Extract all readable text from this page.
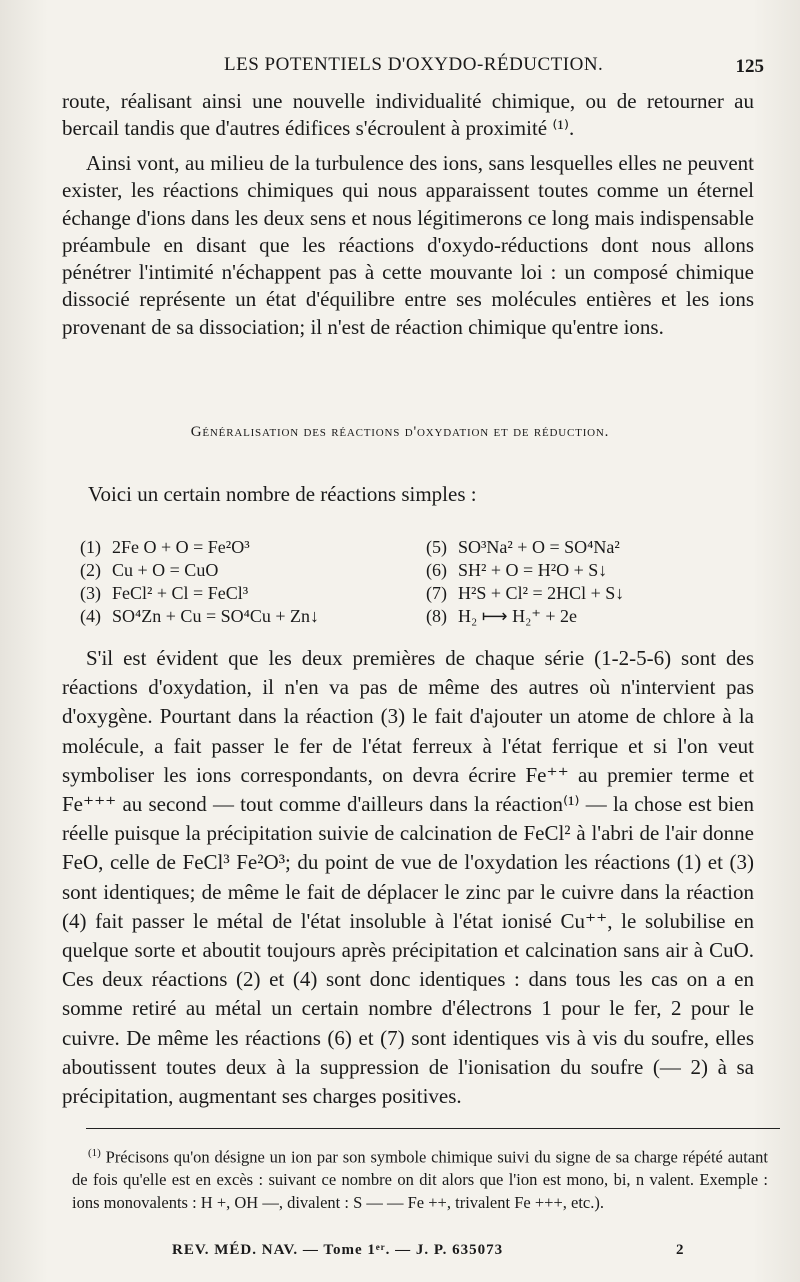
LES POTENTIELS D'OXYDO-RÉDUCTION.	125

route, réalisant ainsi une nouvelle individualité chimique, ou de retourner au bercail tandis que d'autres édifices s'écroulent à proximité ⁽¹⁾.

Ainsi vont, au milieu de la turbulence des ions, sans lesquelles elles ne peuvent exister, les réactions chimiques qui nous apparaissent toutes comme un éternel échange d'ions dans les deux sens et nous légitimerons ce long mais indispensable préambule en disant que les réactions d'oxydo-réductions dont nous allons pénétrer l'intimité n'échappent pas à cette mouvante loi : un composé chimique dissocié représente un état d'équilibre entre ses molécules entières et les ions provenant de sa dissociation; il n'est de réaction chimique qu'entre ions.

Généralisation des réactions d'oxydation et de réduction.
Voici un certain nombre de réactions simples :
(1) 2Fe O + O = Fe²O³
(2) Cu + O = CuO
(3) FeCl² + Cl = FeCl³
(4) SO⁴Zn + Cu = SO⁴Cu + Zn↓
(5) SO³Na² + O = SO⁴Na²
(6) SH² + O = H²O + S↓
(7) H²S + Cl² = 2HCl + S↓
(8) H₂ ⟼ H₂⁺ + 2e

S'il est évident que les deux premières de chaque série (1-2-5-6) sont des réactions d'oxydation, il n'en va pas de même des autres où n'intervient pas d'oxygène. Pourtant dans la réaction (3) le fait d'ajouter un atome de chlore à la molécule, a fait passer le fer de l'état ferreux à l'état ferrique et si l'on veut symboliser les ions correspondants, on devra écrire Fe⁺⁺ au premier terme et Fe⁺⁺⁺ au second — tout comme d'ailleurs dans la réaction⁽¹⁾ — la chose est bien réelle puisque la précipitation suivie de calcination de FeCl² à l'abri de l'air donne FeO, celle de FeCl³ Fe²O³; du point de vue de l'oxydation les réactions (1) et (3) sont identiques; de même le fait de déplacer le zinc par le cuivre dans la réaction (4) fait passer le métal de l'état insoluble à l'état ionisé Cu⁺⁺, le solubilise en quelque sorte et aboutit toujours après précipitation et calcination sans air à CuO. Ces deux réactions (2) et (4) sont donc identiques : dans tous les cas on a en somme retiré au métal un certain nombre d'électrons 1 pour le fer, 2 pour le cuivre. De même les réactions (6) et (7) sont identiques vis à vis du soufre, elles aboutissent toutes deux à la suppression de l'ionisation du soufre (— 2) à sa précipitation, augmentant ses charges positives.

$^{(1)}$ Précisons qu'on désigne un ion par son symbole chimique suivi du signe de sa charge répété autant de fois qu'elle est en excès : suivant ce nombre on dit alors que l'ion est mono, bi, n valent. Exemple : ions monovalents : H +, OH —, divalent : S — — Fe ++, trivalent Fe +++, etc.).

REV. MÉD. NAV. — Tome 1ᵉʳ. — J. P. 635073	2
